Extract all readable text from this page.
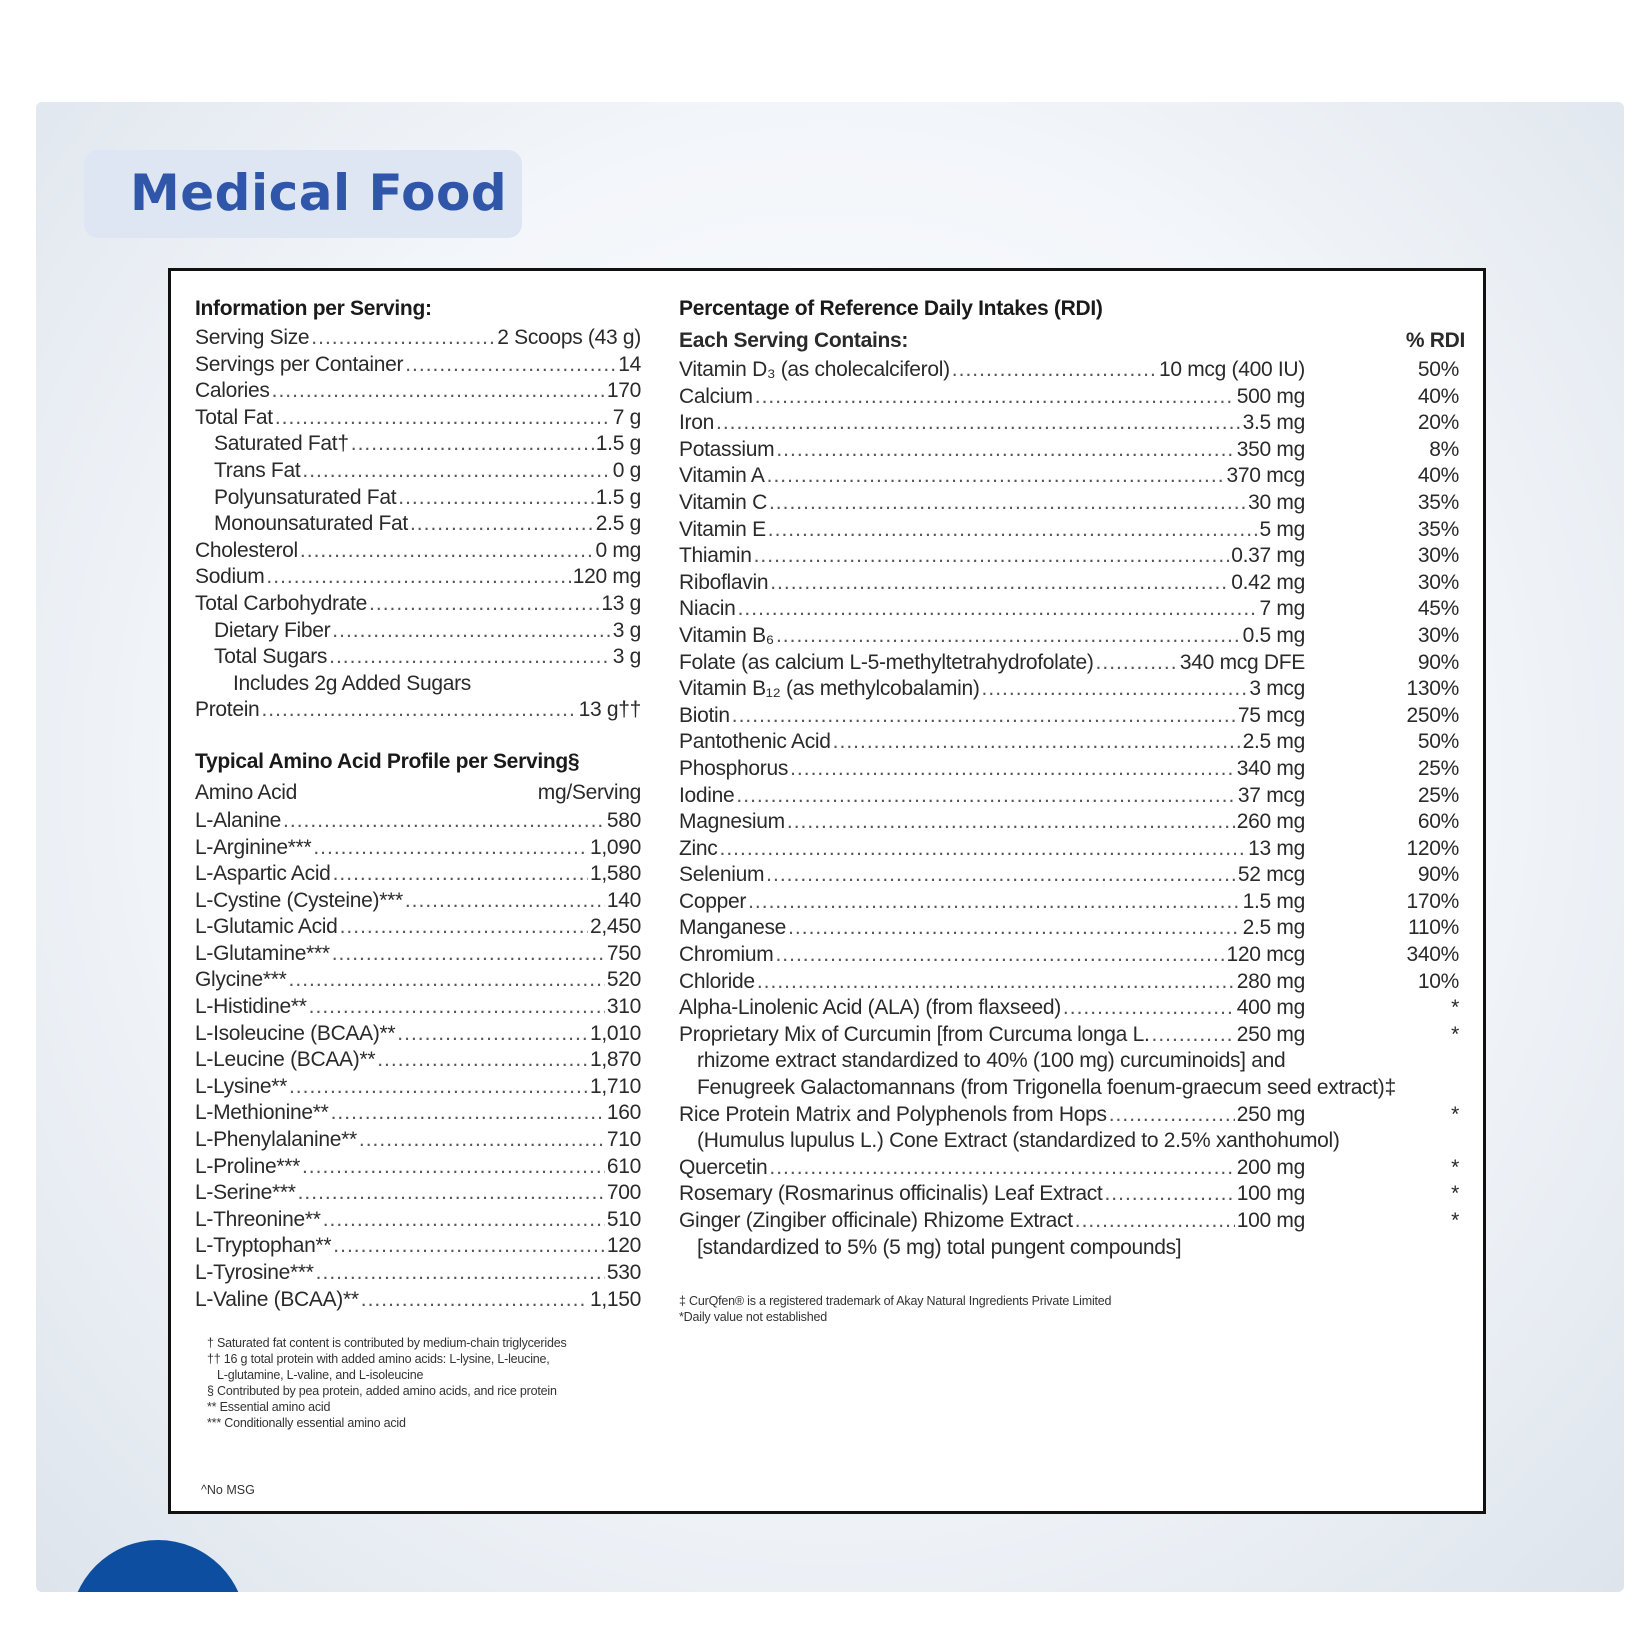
Medical Food
Information per Serving:
Serving Size .....	2 Scoops (43 g)
Servings per Container .....	14
Calories .....	170
Total Fat .....	7 g
Saturated Fat† .....	1.5 g
Trans Fat .....	0 g
Polyunsaturated Fat .....	1.5 g
Monounsaturated Fat .....	2.5 g
Cholesterol .....	0 mg
Sodium .....	120 mg
Total Carbohydrate .....	13 g
Dietary Fiber .....	3 g
Total Sugars .....	3 g
Includes 2g Added Sugars
Protein .....	13 g††
Typical Amino Acid Profile per Serving§
Amino Acid	mg/Serving
L-Alanine .....	580
L-Arginine*** .....	1,090
L-Aspartic Acid .....	1,580
L-Cystine (Cysteine)*** .....	140
L-Glutamic Acid .....	2,450
L-Glutamine*** .....	750
Glycine*** .....	520
L-Histidine** .....	310
L-Isoleucine (BCAA)** .....	1,010
L-Leucine (BCAA)** .....	1,870
L-Lysine** .....	1,710
L-Methionine** .....	160
L-Phenylalanine** .....	710
L-Proline*** .....	610
L-Serine*** .....	700
L-Threonine** .....	510
L-Tryptophan** .....	120
L-Tyrosine*** .....	530
L-Valine (BCAA)** .....	1,150
† Saturated fat content is contributed by medium-chain triglycerides
†† 16 g total protein with added amino acids: L-lysine, L-leucine,
L-glutamine, L-valine, and L-isoleucine
§ Contributed by pea protein, added amino acids, and rice protein
** Essential amino acid
*** Conditionally essential amino acid
^No MSG
Percentage of Reference Daily Intakes (RDI)
Each Serving Contains:	% RDI
Vitamin D₃ (as cholecalciferol) .....	10 mcg (400 IU)	50%
Calcium .....	500 mg	40%
Iron .....	3.5 mg	20%
Potassium .....	350 mg	8%
Vitamin A .....	370 mcg	40%
Vitamin C .....	30 mg	35%
Vitamin E .....	5 mg	35%
Thiamin .....	0.37 mg	30%
Riboflavin .....	0.42 mg	30%
Niacin .....	7 mg	45%
Vitamin B₆ .....	0.5 mg	30%
Folate (as calcium L-5-methyltetrahydrofolate) .....	340 mcg DFE	90%
Vitamin B₁₂ (as methylcobalamin) .....	3 mcg	130%
Biotin .....	75 mcg	250%
Pantothenic Acid .....	2.5 mg	50%
Phosphorus .....	340 mg	25%
Iodine .....	37 mcg	25%
Magnesium .....	260 mg	60%
Zinc .....	13 mg	120%
Selenium .....	52 mcg	90%
Copper .....	1.5 mg	170%
Manganese .....	2.5 mg	110%
Chromium .....	120 mcg	340%
Chloride .....	280 mg	10%
Alpha-Linolenic Acid (ALA) (from flaxseed) .....	400 mg	*
Proprietary Mix of Curcumin [from Curcuma longa L. .....	250 mg	*
rhizome extract standardized to 40% (100 mg) curcuminoids] and
Fenugreek Galactomannans (from Trigonella foenum-graecum seed extract)‡
Rice Protein Matrix and Polyphenols from Hops .....	250 mg	*
(Humulus lupulus L.) Cone Extract (standardized to 2.5% xanthohumol)
Quercetin .....	200 mg	*
Rosemary (Rosmarinus officinalis) Leaf Extract .....	100 mg	*
Ginger (Zingiber officinale) Rhizome Extract .....	100 mg	*
[standardized to 5% (5 mg) total pungent compounds]
‡ CurQfen® is a registered trademark of Akay Natural Ingredients Private Limited
*Daily value not established
